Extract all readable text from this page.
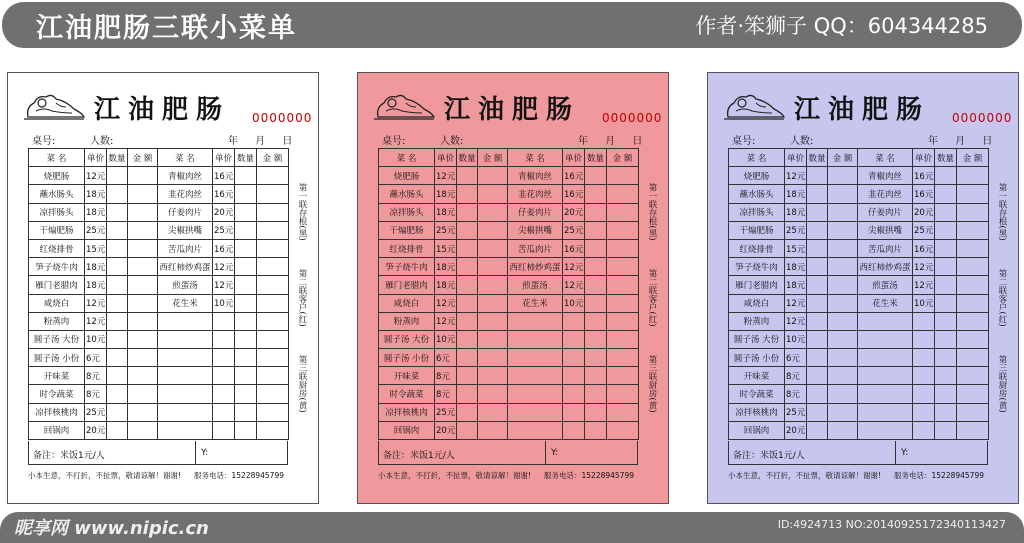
江油肥肠三联小菜单	作者·笨狮子 QQ：604344285
江油肥肠 0000000
桌号:	人数:	年 月 日
菜 名	单价	数量	金 额	菜 名	单价	数量	金 额
烧肥肠	12元			青椒肉丝	16元		
蘸水肠头	18元			韭花肉丝	16元		
凉拌肠头	18元			仔姜肉片	20元		
干煸肥肠	25元			尖椒拱嘴	25元		
红烧排骨	15元			苦瓜肉片	16元		
笋子烧牛肉	18元			西红柿炒鸡蛋	12元		
雁门老腊肉	18元			煎蛋汤	12元		
咸烧白	12元			花生米	10元		
粉蒸肉	12元						
圆子汤 大份	10元						
圆子汤 小份	6元						
开味菜	8元						
时令蔬菜	8元						
凉拌核桃肉	25元						
回锅肉	20元						
备注：米饭1元/人	Y:
小本生意，不打折，不扯票，敬请谅解！谢谢! 服务电话：15228945799
第一联存根(黑)
第二联客户(红)
第三联厨房(黄)
江油肥肠 0000000
桌号:	人数:	年 月 日
菜 名	单价	数量	金 额	菜 名	单价	数量	金 额
烧肥肠	12元			青椒肉丝	16元		
蘸水肠头	18元			韭花肉丝	16元		
凉拌肠头	18元			仔姜肉片	20元		
干煸肥肠	25元			尖椒拱嘴	25元		
红烧排骨	15元			苦瓜肉片	16元		
笋子烧牛肉	18元			西红柿炒鸡蛋	12元		
雁门老腊肉	18元			煎蛋汤	12元		
咸烧白	12元			花生米	10元		
粉蒸肉	12元						
圆子汤 大份	10元						
圆子汤 小份	6元						
开味菜	8元						
时令蔬菜	8元						
凉拌核桃肉	25元						
回锅肉	20元						
备注：米饭1元/人	Y:
小本生意，不打折，不扯票，敬请谅解！谢谢! 服务电话：15228945799
第一联存根(黑)
第二联客户(红)
第三联厨房(黄)
江油肥肠 0000000
桌号:	人数:	年 月 日
菜 名	单价	数量	金 额	菜 名	单价	数量	金 额
烧肥肠	12元			青椒肉丝	16元		
蘸水肠头	18元			韭花肉丝	16元		
凉拌肠头	18元			仔姜肉片	20元		
干煸肥肠	25元			尖椒拱嘴	25元		
红烧排骨	15元			苦瓜肉片	16元		
笋子烧牛肉	18元			西红柿炒鸡蛋	12元		
雁门老腊肉	18元			煎蛋汤	12元		
咸烧白	12元			花生米	10元		
粉蒸肉	12元						
圆子汤 大份	10元						
圆子汤 小份	6元						
开味菜	8元						
时令蔬菜	8元						
凉拌核桃肉	25元						
回锅肉	20元						
备注：米饭1元/人	Y:
小本生意，不打折，不扯票，敬请谅解！谢谢! 服务电话：15228945799
第一联存根(黑)
第二联客户(红)
第三联厨房(黄)
昵享网 www.nipic.cn	ID:4924713 NO:20140925172340113427
